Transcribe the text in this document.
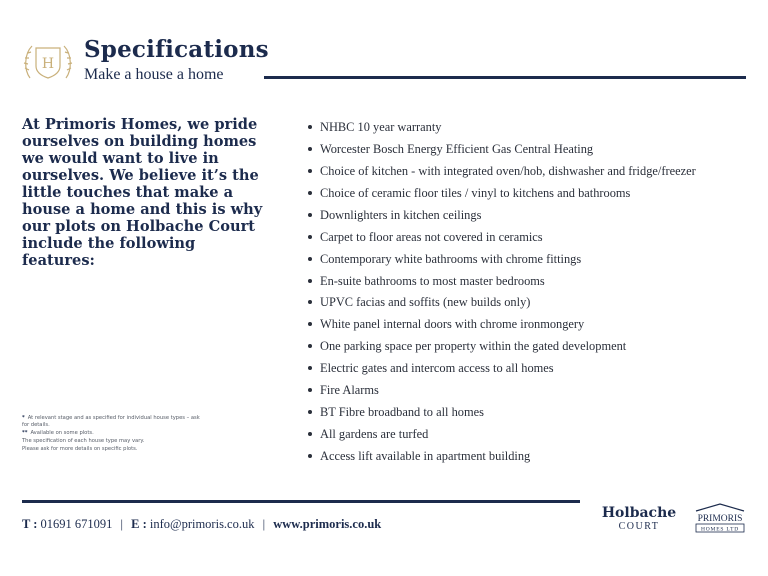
H
Specifications
Make a house a home
At Primoris Homes, we pride ourselves on building homes we would want to live in ourselves. We believe it’s the little touches that make a house a home and this is why our plots on Holbache Court include the following features:
NHBC 10 year warranty
Worcester Bosch Energy Efficient Gas Central Heating
Choice of kitchen - with integrated oven/hob, dishwasher and fridge/freezer
Choice of ceramic floor tiles / vinyl to kitchens and bathrooms
Downlighters in kitchen ceilings
Carpet to floor areas not covered in ceramics
Contemporary white bathrooms with chrome fittings
En-suite bathrooms to most master bedrooms
UPVC facias and soffits (new builds only)
White panel internal doors with chrome ironmongery
One parking space per property within the gated development
Electric gates and intercom access to all homes
Fire Alarms
BT Fibre broadband to all homes
All gardens are turfed
Access lift available in apartment building
* At relevant stage and as specified for individual house types – ask for details.
** Available on some plots.
The specification of each house type may vary.
Please ask for more details on specific plots.
T : 01691 671091 | E : info@primoris.co.uk | www.primoris.co.uk
Holbache
COURT
PRIMORIS
HOMES LTD
